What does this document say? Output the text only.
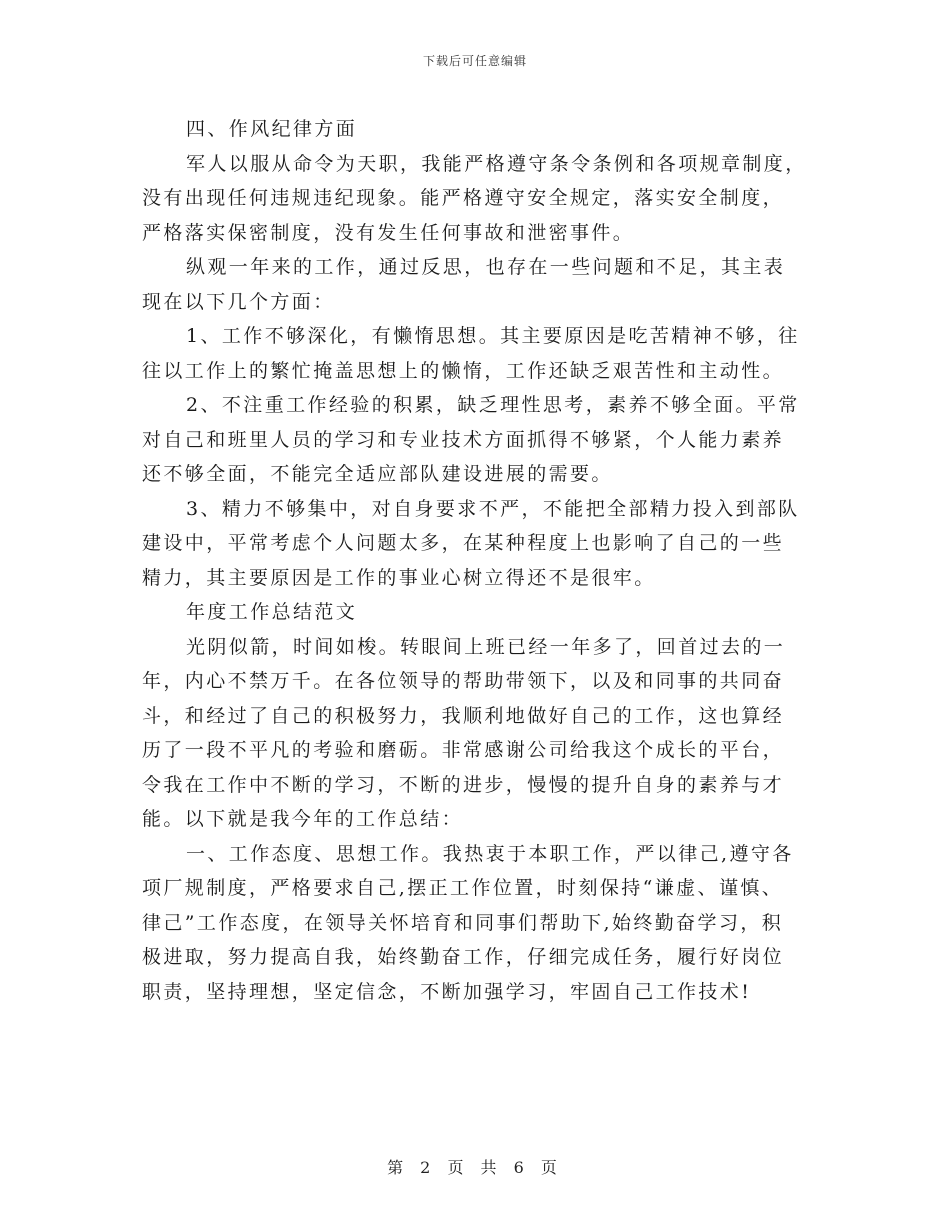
下载后可任意编辑
四、作风纪律方面
军人以服从命令为天职，我能严格遵守条令条例和各项规章制度，
没有出现任何违规违纪现象。能严格遵守安全规定，落实安全制度，
严格落实保密制度，没有发生任何事故和泄密事件。
纵观一年来的工作，通过反思，也存在一些问题和不足，其主表
现在以下几个方面：
1、工作不够深化，有懒惰思想。其主要原因是吃苦精神不够，往
往以工作上的繁忙掩盖思想上的懒惰，工作还缺乏艰苦性和主动性。
2、不注重工作经验的积累，缺乏理性思考，素养不够全面。平常
对自己和班里人员的学习和专业技术方面抓得不够紧，个人能力素养
还不够全面，不能完全适应部队建设进展的需要。
3、精力不够集中，对自身要求不严，不能把全部精力投入到部队
建设中，平常考虑个人问题太多，在某种程度上也影响了自己的一些
精力，其主要原因是工作的事业心树立得还不是很牢。
年度工作总结范文
光阴似箭，时间如梭。转眼间上班已经一年多了，回首过去的一
年，内心不禁万千。在各位领导的帮助带领下，以及和同事的共同奋
斗，和经过了自己的积极努力，我顺利地做好自己的工作，这也算经
历了一段不平凡的考验和磨砺。非常感谢公司给我这个成长的平台，
令我在工作中不断的学习，不断的进步，慢慢的提升自身的素养与才
能。以下就是我今年的工作总结：
一、工作态度、思想工作。我热衷于本职工作，严以律己,遵守各
项厂规制度，严格要求自己,摆正工作位置，时刻保持“谦虚、谨慎、
律己”工作态度，在领导关怀培育和同事们帮助下,始终勤奋学习，积
极进取，努力提高自我，始终勤奋工作，仔细完成任务，履行好岗位
职责，坚持理想，坚定信念，不断加强学习，牢固自己工作技术!
第 2 页 共 6 页
